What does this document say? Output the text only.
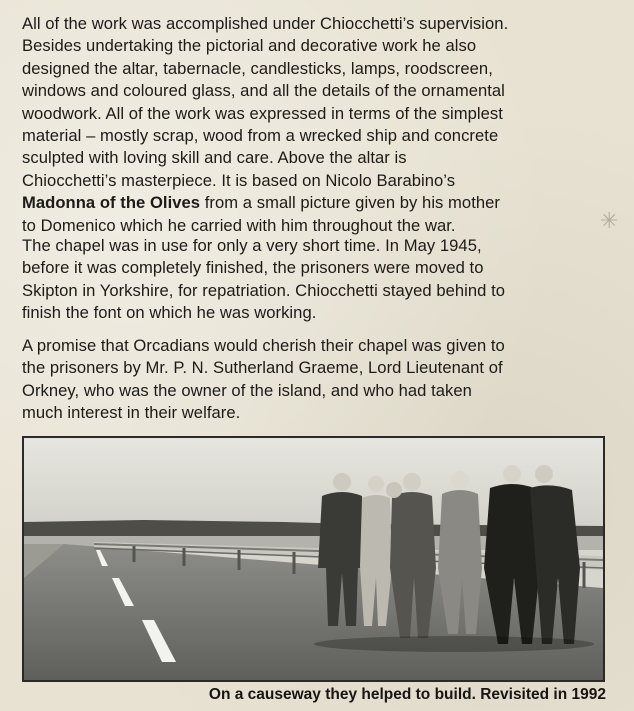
All of the work was accomplished under Chiocchetti’s supervision.
Besides undertaking the pictorial and decorative work he also
designed the altar, tabernacle, candlesticks, lamps, roodscreen,
windows and coloured glass, and all the details of the ornamental
woodwork. All of the work was expressed in terms of the simplest
material – mostly scrap, wood from a wrecked ship and concrete
sculpted with loving skill and care. Above the altar is
Chiocchetti’s masterpiece. It is based on Nicolo Barabino’s
Madonna of the Olives from a small picture given by his mother
to Domenico which he carried with him throughout the war.
The chapel was in use for only a very short time. In May 1945,
before it was completely finished, the prisoners were moved to
Skipton in Yorkshire, for repatriation. Chiocchetti stayed behind to
finish the font on which he was working.
A promise that Orcadians would cherish their chapel was given to
the prisoners by Mr. P. N. Sutherland Graeme, Lord Lieutenant of
Orkney, who was the owner of the island, and who had taken
much interest in their welfare.
✳
On a causeway they helped to build. Revisited in 1992
